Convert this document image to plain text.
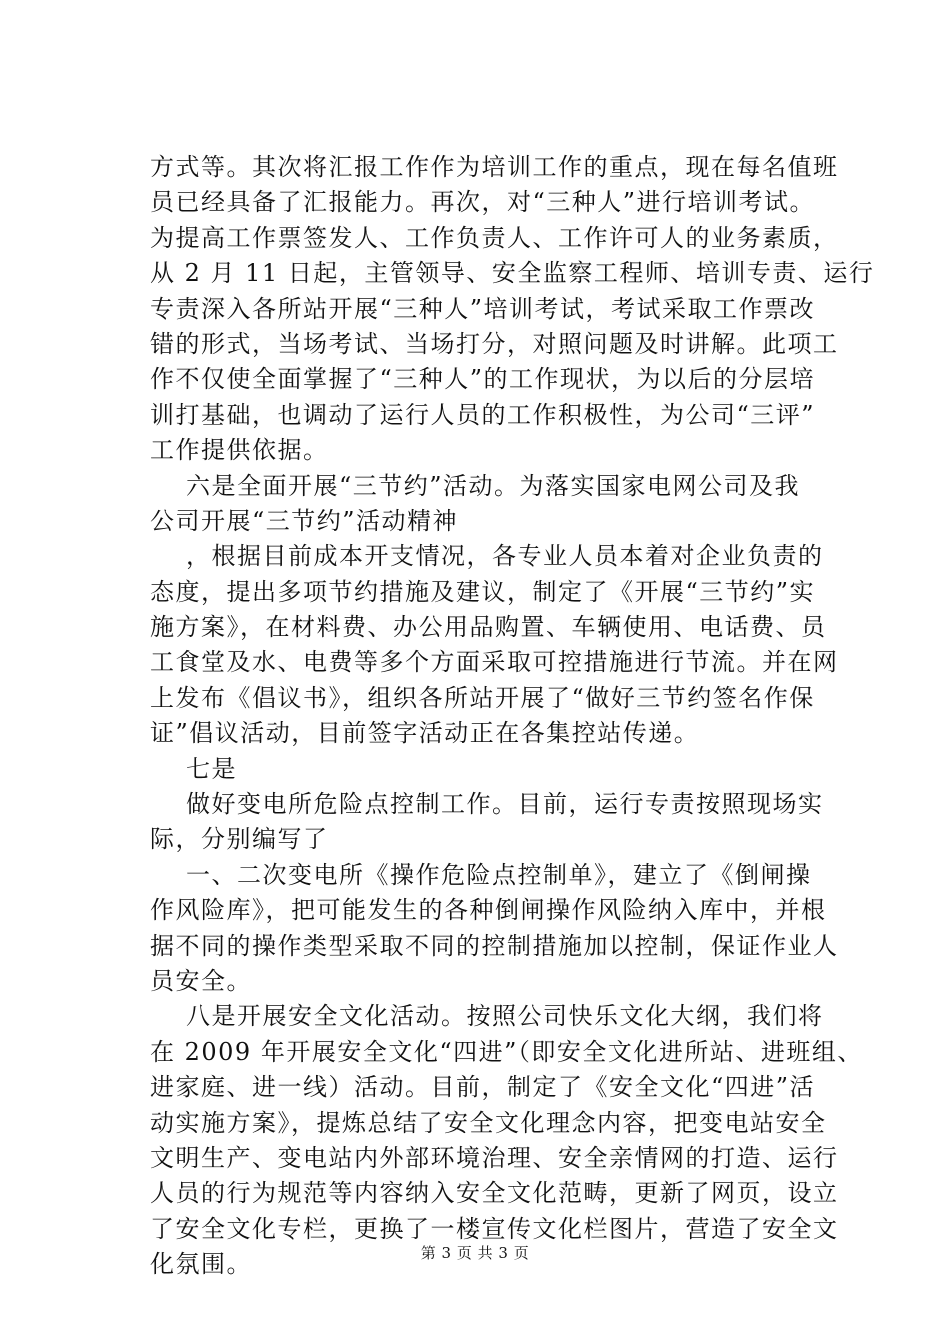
方式等。其次将汇报工作作为培训工作的重点，现在每名值班
员已经具备了汇报能力。再次，对“三种人”进行培训考试。
为提高工作票签发人、工作负责人、工作许可人的业务素质，
从 2 月 11 日起，主管领导、安全监察工程师、培训专责、运行
专责深入各所站开展“三种人”培训考试，考试采取工作票改
错的形式，当场考试、当场打分，对照问题及时讲解。此项工
作不仅使全面掌握了“三种人”的工作现状，为以后的分层培
训打基础，也调动了运行人员的工作积极性，为公司“三评”
工作提供依据。
六是全面开展“三节约”活动。为落实国家电网公司及我
公司开展“三节约”活动精神
，根据目前成本开支情况，各专业人员本着对企业负责的
态度，提出多项节约措施及建议，制定了《开展“三节约”实
施方案》，在材料费、办公用品购置、车辆使用、电话费、员
工食堂及水、电费等多个方面采取可控措施进行节流。并在网
上发布《倡议书》，组织各所站开展了“做好三节约签名作保
证”倡议活动，目前签字活动正在各集控站传递。
七是
做好变电所危险点控制工作。目前，运行专责按照现场实
际，分别编写了
一、二次变电所《操作危险点控制单》，建立了《倒闸操
作风险库》，把可能发生的各种倒闸操作风险纳入库中，并根
据不同的操作类型采取不同的控制措施加以控制，保证作业人
员安全。
八是开展安全文化活动。按照公司快乐文化大纲，我们将
在 2009 年开展安全文化“四进”（即安全文化进所站、进班组、
进家庭、进一线）活动。目前，制定了《安全文化“四进”活
动实施方案》，提炼总结了安全文化理念内容，把变电站安全
文明生产、变电站内外部环境治理、安全亲情网的打造、运行
人员的行为规范等内容纳入安全文化范畴，更新了网页，设立
了安全文化专栏，更换了一楼宣传文化栏图片，营造了安全文
化氛围。	第 3 页 共 3 页
